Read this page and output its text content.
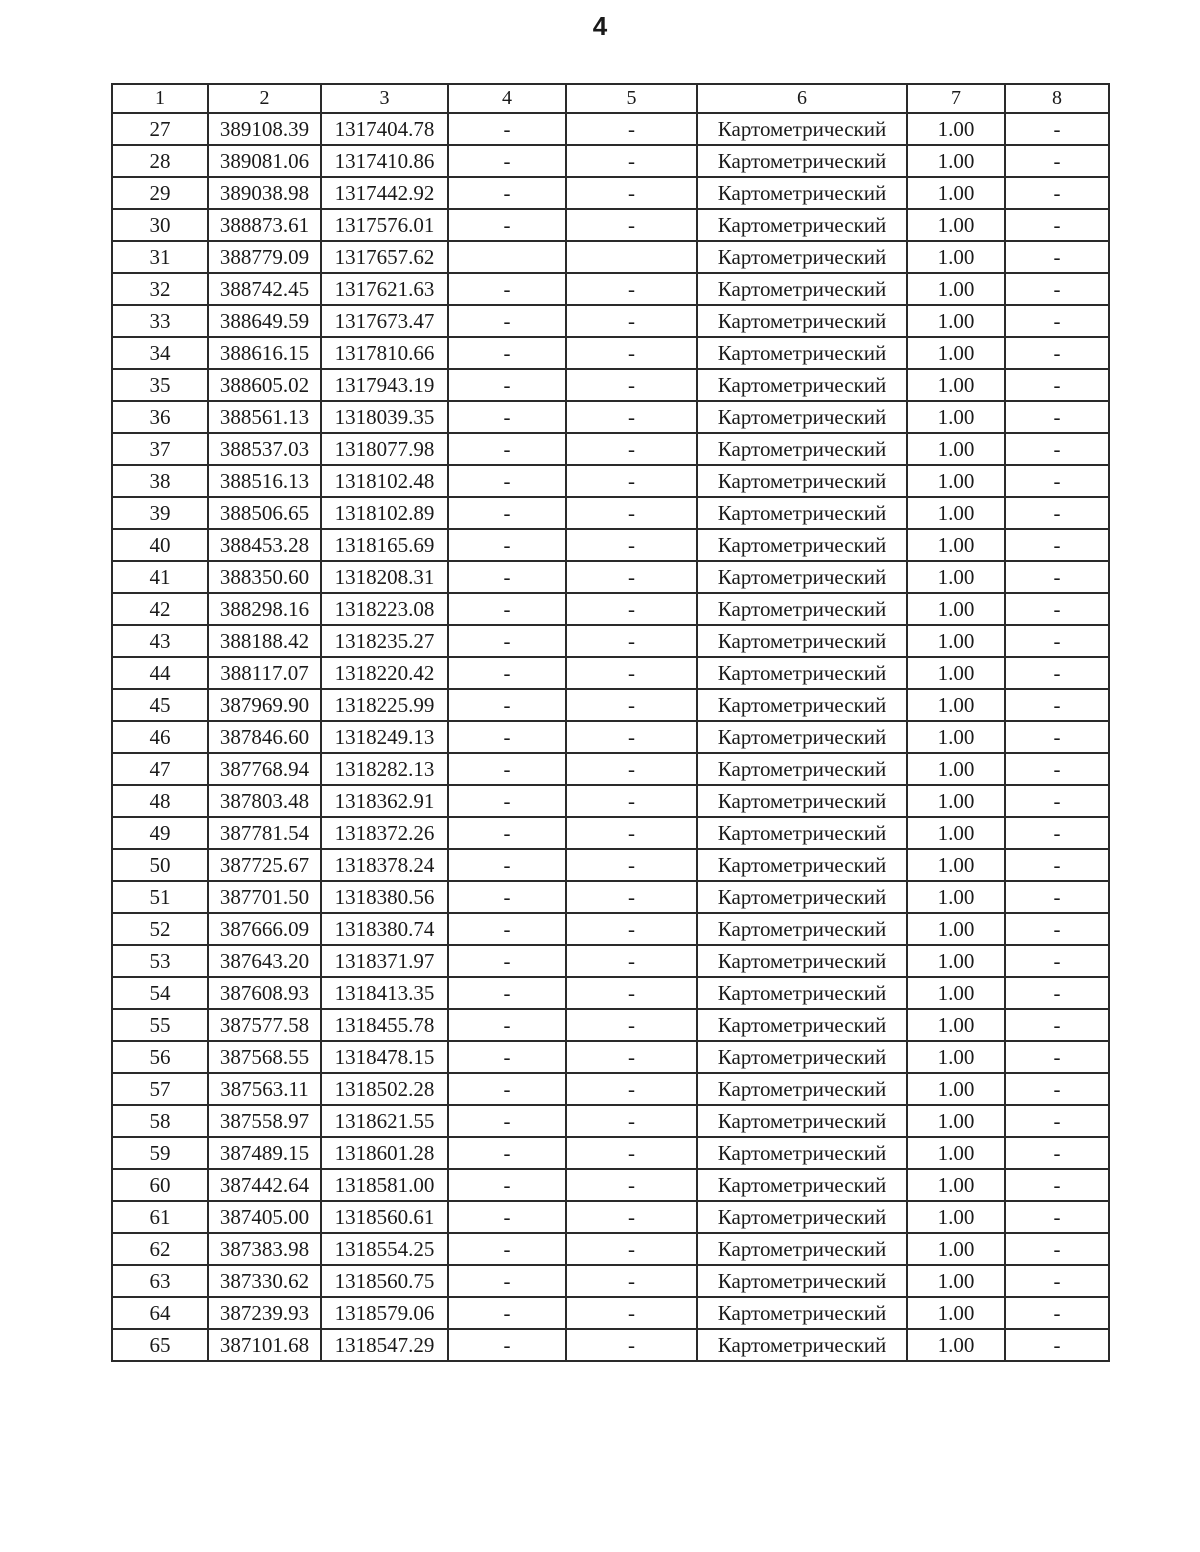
4
1	2	3	4	5	6	7	8
27	389108.39	1317404.78	-	-	Картометрический	1.00	-
28	389081.06	1317410.86	-	-	Картометрический	1.00	-
29	389038.98	1317442.92	-	-	Картометрический	1.00	-
30	388873.61	1317576.01	-	-	Картометрический	1.00	-
31	388779.09	1317657.62			Картометрический	1.00	-
32	388742.45	1317621.63	-	-	Картометрический	1.00	-
33	388649.59	1317673.47	-	-	Картометрический	1.00	-
34	388616.15	1317810.66	-	-	Картометрический	1.00	-
35	388605.02	1317943.19	-	-	Картометрический	1.00	-
36	388561.13	1318039.35	-	-	Картометрический	1.00	-
37	388537.03	1318077.98	-	-	Картометрический	1.00	-
38	388516.13	1318102.48	-	-	Картометрический	1.00	-
39	388506.65	1318102.89	-	-	Картометрический	1.00	-
40	388453.28	1318165.69	-	-	Картометрический	1.00	-
41	388350.60	1318208.31	-	-	Картометрический	1.00	-
42	388298.16	1318223.08	-	-	Картометрический	1.00	-
43	388188.42	1318235.27	-	-	Картометрический	1.00	-
44	388117.07	1318220.42	-	-	Картометрический	1.00	-
45	387969.90	1318225.99	-	-	Картометрический	1.00	-
46	387846.60	1318249.13	-	-	Картометрический	1.00	-
47	387768.94	1318282.13	-	-	Картометрический	1.00	-
48	387803.48	1318362.91	-	-	Картометрический	1.00	-
49	387781.54	1318372.26	-	-	Картометрический	1.00	-
50	387725.67	1318378.24	-	-	Картометрический	1.00	-
51	387701.50	1318380.56	-	-	Картометрический	1.00	-
52	387666.09	1318380.74	-	-	Картометрический	1.00	-
53	387643.20	1318371.97	-	-	Картометрический	1.00	-
54	387608.93	1318413.35	-	-	Картометрический	1.00	-
55	387577.58	1318455.78	-	-	Картометрический	1.00	-
56	387568.55	1318478.15	-	-	Картометрический	1.00	-
57	387563.11	1318502.28	-	-	Картометрический	1.00	-
58	387558.97	1318621.55	-	-	Картометрический	1.00	-
59	387489.15	1318601.28	-	-	Картометрический	1.00	-
60	387442.64	1318581.00	-	-	Картометрический	1.00	-
61	387405.00	1318560.61	-	-	Картометрический	1.00	-
62	387383.98	1318554.25	-	-	Картометрический	1.00	-
63	387330.62	1318560.75	-	-	Картометрический	1.00	-
64	387239.93	1318579.06	-	-	Картометрический	1.00	-
65	387101.68	1318547.29	-	-	Картометрический	1.00	-
